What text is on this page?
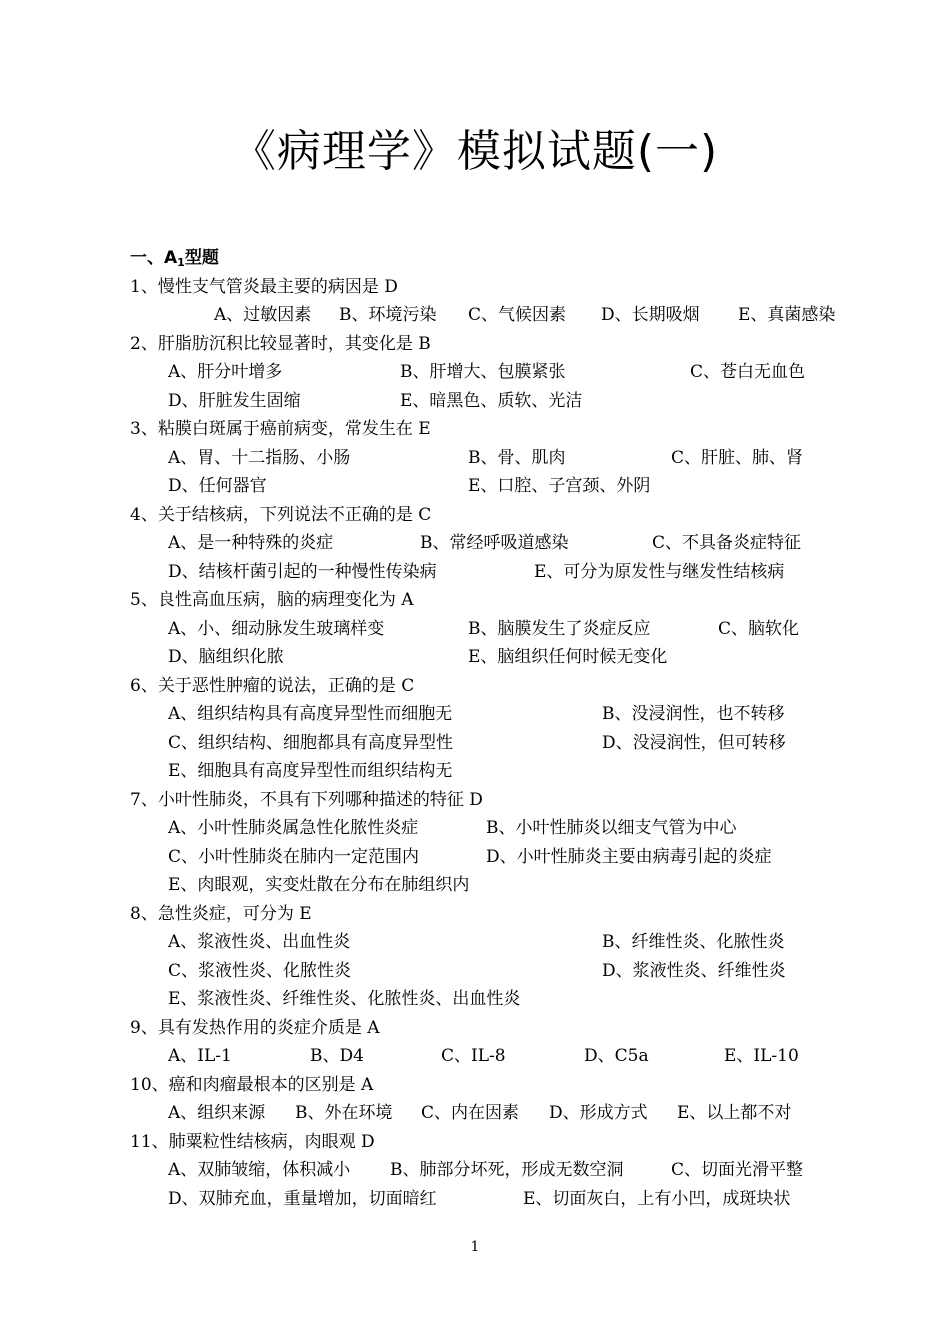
《病理学》模拟试题(一)
一、$A_1$型题
1、慢性支气管炎最主要的病因是 D
A、过敏因素 B、环境污染 C、气候因素 D、长期吸烟 E、真菌感染
2、肝脂肪沉积比较显著时，其变化是 B
A、肝分叶增多	B、肝增大、包膜紧张	C、苍白无血色
D、肝脏发生固缩	E、暗黑色、质软、光洁
3、粘膜白斑属于癌前病变，常发生在 E
A、胃、十二指肠、小肠	B、骨、肌肉	C、肝脏、肺、肾
D、任何器官	E、口腔、子宫颈、外阴
4、关于结核病，下列说法不正确的是 C
A、是一种特殊的炎症	B、常经呼吸道感染	C、不具备炎症特征
D、结核杆菌引起的一种慢性传染病	E、可分为原发性与继发性结核病
5、良性高血压病，脑的病理变化为 A
A、小、细动脉发生玻璃样变	B、脑膜发生了炎症反应	C、脑软化
D、脑组织化脓	E、脑组织任何时候无变化
6、关于恶性肿瘤的说法，正确的是 C
A、组织结构具有高度异型性而细胞无	B、没浸润性，也不转移
C、组织结构、细胞都具有高度异型性	D、没浸润性，但可转移
E、细胞具有高度异型性而组织结构无
7、小叶性肺炎，不具有下列哪种描述的特征 D
A、小叶性肺炎属急性化脓性炎症	B、小叶性肺炎以细支气管为中心
C、小叶性肺炎在肺内一定范围内	D、小叶性肺炎主要由病毒引起的炎症
E、肉眼观，实变灶散在分布在肺组织内
8、急性炎症，可分为 E
A、浆液性炎、出血性炎	B、纤维性炎、化脓性炎
C、浆液性炎、化脓性炎	D、浆液性炎、纤维性炎
E、浆液性炎、纤维性炎、化脓性炎、出血性炎
9、具有发热作用的炎症介质是 A
A、IL-1	B、D4	C、IL-8	D、C5a	E、IL-10
10、癌和肉瘤最根本的区别是 A
A、组织来源 B、外在环境 C、内在因素 D、形成方式 E、以上都不对
11、肺粟粒性结核病，肉眼观 D
A、双肺皱缩，体积减小 B、肺部分坏死，形成无数空洞	C、切面光滑平整
D、双肺充血，重量增加，切面暗红	E、切面灰白，上有小凹，成斑块状
1
